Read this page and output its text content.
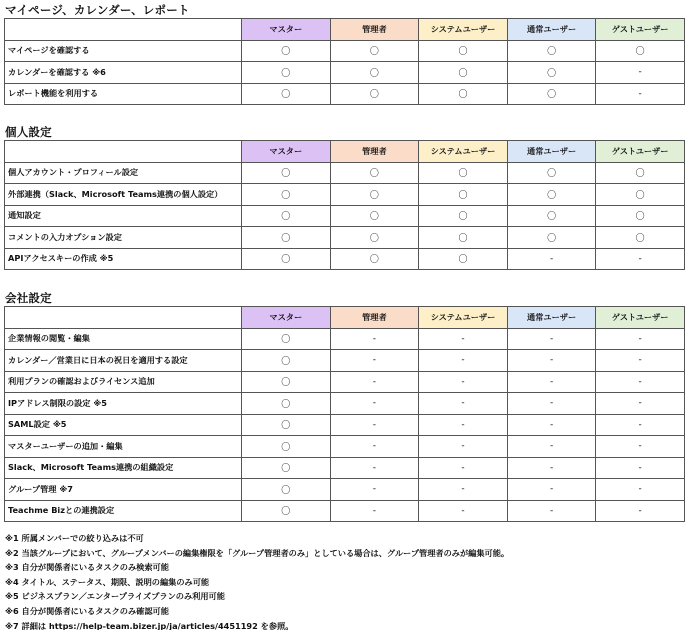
マイページ、カレンダー、レポート
	マスター	管理者	システムユーザー	通常ユーザー	ゲストユーザー
マイページを確認する	〇	〇	〇	〇	〇
カレンダーを確認する ※6	〇	〇	〇	〇	-
レポート機能を利用する	〇	〇	〇	〇	-
個人設定
	マスター	管理者	システムユーザー	通常ユーザー	ゲストユーザー
個人アカウント・プロフィール設定	〇	〇	〇	〇	〇
外部連携（Slack、Microsoft Teams連携の個人設定）	〇	〇	〇	〇	〇
通知設定	〇	〇	〇	〇	〇
コメントの入力オプション設定	〇	〇	〇	〇	〇
APIアクセスキーの作成 ※5	〇	〇	〇	-	-
会社設定
	マスター	管理者	システムユーザー	通常ユーザー	ゲストユーザー
企業情報の閲覧・編集	〇	-	-	-	-
カレンダー／営業日に日本の祝日を適用する設定	〇	-	-	-	-
利用プランの確認およびライセンス追加	〇	-	-	-	-
IPアドレス制限の設定 ※5	〇	-	-	-	-
SAML設定 ※5	〇	-	-	-	-
マスターユーザーの追加・編集	〇	-	-	-	-
Slack、Microsoft Teams連携の組織設定	〇	-	-	-	-
グループ管理 ※7	〇	-	-	-	-
Teachme Bizとの連携設定	〇	-	-	-	-
※1 所属メンバーでの絞り込みは不可
※2 当該グループにおいて、グループメンバーの編集権限を「グループ管理者のみ」としている場合は、グループ管理者のみが編集可能。
※3 自分が関係者にいるタスクのみ検索可能
※4 タイトル、ステータス、期限、説明の編集のみ可能
※5 ビジネスプラン／エンタープライズプランのみ利用可能
※6 自分が関係者にいるタスクのみ確認可能
※7 詳細は https://help-team.bizer.jp/ja/articles/4451192 を参照。
